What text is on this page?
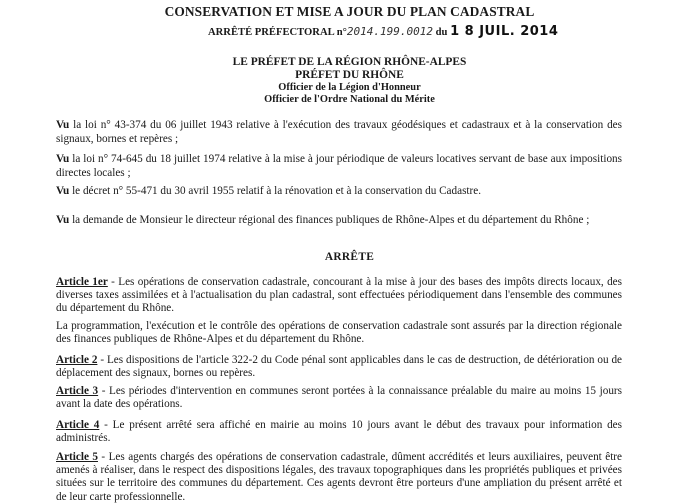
CONSERVATION ET MISE A JOUR DU PLAN CADASTRAL
ARRÊTÉ PRÉFECTORAL n°2014.199.0012 du 1 8 JUIL. 2014
LE PRÉFET DE LA RÉGION RHÔNE-ALPES
PRÉFET DU RHÔNE
Officier de la Légion d'Honneur
Officier de l'Ordre National du Mérite
Vu la loi n° 43-374 du 06 juillet 1943 relative à l'exécution des travaux géodésiques et cadastraux et à la conservation des signaux, bornes et repères ;
Vu la loi n° 74-645 du 18 juillet 1974 relative à la mise à jour périodique de valeurs locatives servant de base aux impositions directes locales ;
Vu le décret n° 55-471 du 30 avril 1955 relatif à la rénovation et à la conservation du Cadastre.
Vu la demande de Monsieur le directeur régional des finances publiques de Rhône-Alpes et du département du Rhône ;
ARRÊTE
Article 1er - Les opérations de conservation cadastrale, concourant à la mise à jour des bases des impôts directs locaux, des diverses taxes assimilées et à l'actualisation du plan cadastral, sont effectuées périodiquement dans l'ensemble des communes du département du Rhône.
La programmation, l'exécution et le contrôle des opérations de conservation cadastrale sont assurés par la direction régionale des finances publiques de Rhône-Alpes et du département du Rhône.
Article 2 - Les dispositions de l'article 322-2 du Code pénal sont applicables dans le cas de destruction, de détérioration ou de déplacement des signaux, bornes ou repères.
Article 3 - Les périodes d'intervention en communes seront portées à la connaissance préalable du maire au moins 15 jours avant la date des opérations.
Article 4 - Le présent arrêté sera affiché en mairie au moins 10 jours avant le début des travaux pour information des administrés.
Article 5 - Les agents chargés des opérations de conservation cadastrale, dûment accrédités et leurs auxiliaires, peuvent être amenés à réaliser, dans le respect des dispositions légales, des travaux topographiques dans les propriétés publiques et privées situées sur le territoire des communes du département. Ces agents devront être porteurs d'une ampliation du présent arrêté et de leur carte professionnelle.
